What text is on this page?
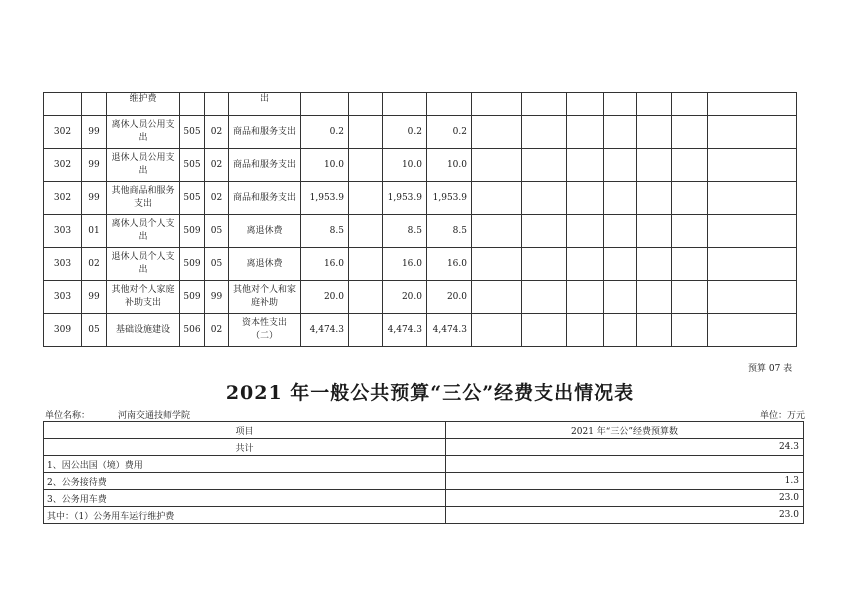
		维护费			出											
302	99	离休人员公用支出	505	02	商品和服务支出	0.2		0.2	0.2							
302	99	退休人员公用支出	505	02	商品和服务支出	10.0		10.0	10.0							
302	99	其他商品和服务支出	505	02	商品和服务支出	1,953.9		1,953.9	1,953.9							
303	01	离休人员个人支出	509	05	离退休费	8.5		8.5	8.5							
303	02	退休人员个人支出	509	05	离退休费	16.0		16.0	16.0							
303	99	其他对个人家庭补助支出	509	99	其他对个人和家庭补助	20.0		20.0	20.0							
309	05	基础设施建设	506	02	资本性支出（二）	4,474.3		4,474.3	4,474.3							
预算 07 表
2021 年一般公共预算“三公”经费支出情况表
单位名称：	河南交通技师学院	单位：万元
项目	2021 年“三公”经费预算数
共计	24.3
1、因公出国（境）费用	
2、公务接待费	1.3
3、公务用车费	23.0
其中：（1）公务用车运行维护费	23.0
